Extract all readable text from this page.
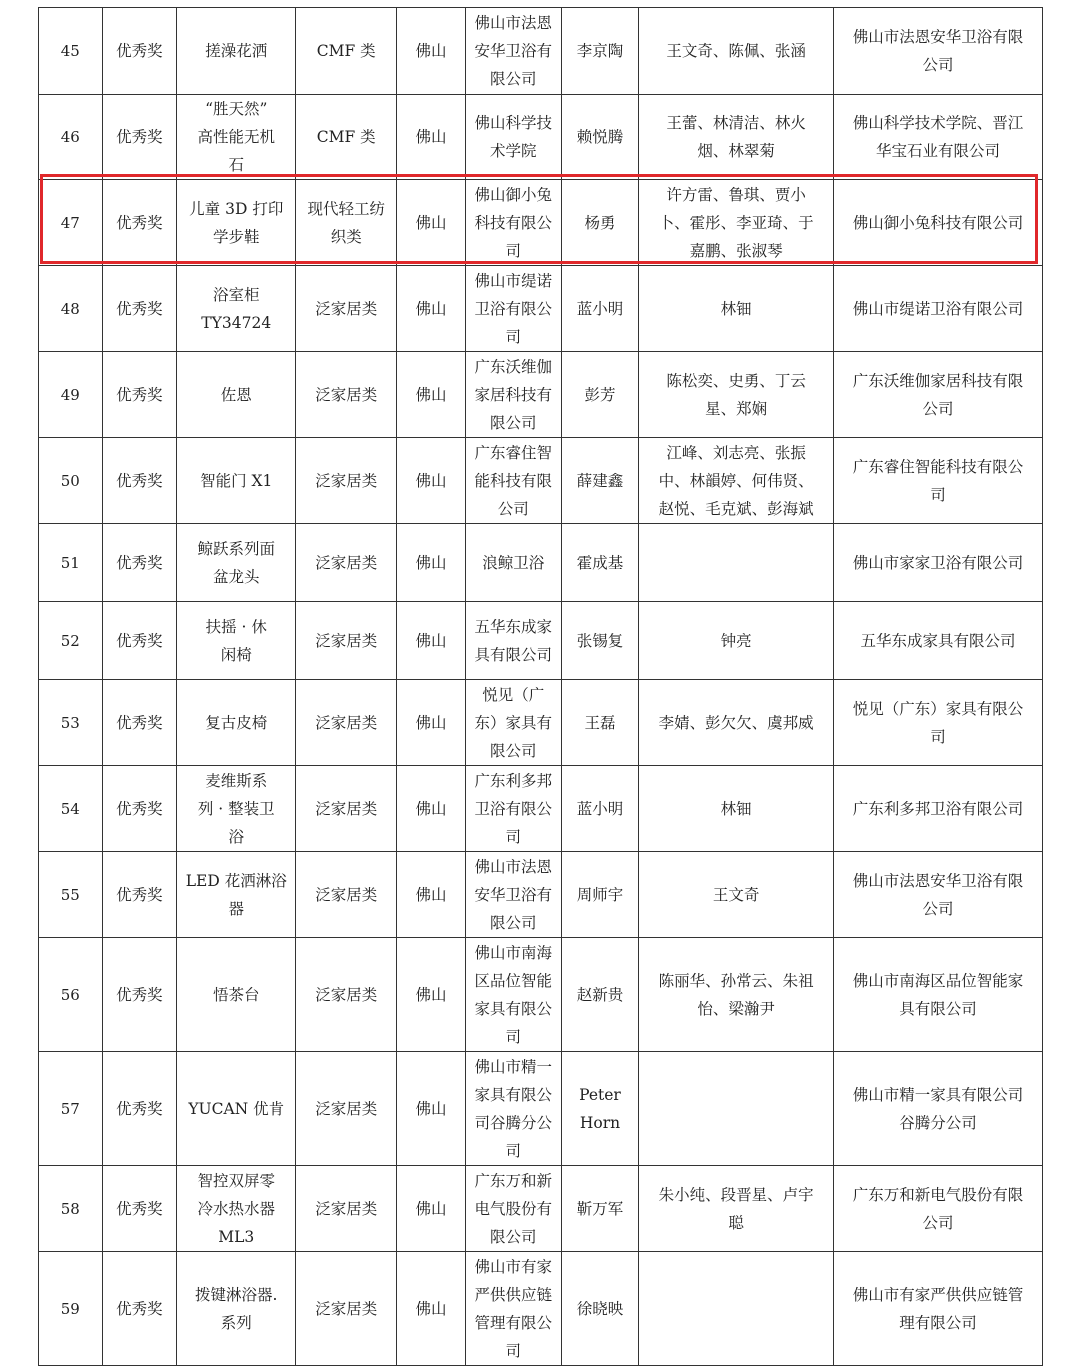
45	优秀奖	搓澡花洒	CMF 类	佛山	佛山市法恩
安华卫浴有
限公司	李京陶	王文奇、陈佩、张涵	佛山市法恩安华卫浴有限
公司
46	优秀奖	“胜天然”
高性能无机
石	CMF 类	佛山	佛山科学技
术学院	赖悦腾	王蕾、林清洁、林火
烟、林翠菊	佛山科学技术学院、晋江
华宝石业有限公司
47	优秀奖	儿童 3D 打印
学步鞋	现代轻工纺
织类	佛山	佛山御小兔
科技有限公
司	杨勇	许方雷、鲁琪、贾小
卜、霍彤、李亚琦、于
嘉鹏、张淑琴	佛山御小兔科技有限公司
48	优秀奖	浴室柜
TY34724	泛家居类	佛山	佛山市缇诺
卫浴有限公
司	蓝小明	林钿	佛山市缇诺卫浴有限公司
49	优秀奖	佐恩	泛家居类	佛山	广东沃维伽
家居科技有
限公司	彭芳	陈松奕、史勇、丁云
星、郑娴	广东沃维伽家居科技有限
公司
50	优秀奖	智能门 X1	泛家居类	佛山	广东睿住智
能科技有限
公司	薛建鑫	江峰、刘志亮、张振
中、林韻婷、何伟贤、
赵悦、毛克斌、彭海斌	广东睿住智能科技有限公
司
51	优秀奖	鲸跃系列面
盆龙头	泛家居类	佛山	浪鲸卫浴	霍成基		佛山市家家卫浴有限公司
52	优秀奖	扶摇 · 休
闲椅	泛家居类	佛山	五华东成家
具有限公司	张锡复	钟亮	五华东成家具有限公司
53	优秀奖	复古皮椅	泛家居类	佛山	悦见（广
东）家具有
限公司	王磊	李婧、彭欠欠、虞邦威	悦见（广东）家具有限公
司
54	优秀奖	麦维斯系
列 · 整装卫
浴	泛家居类	佛山	广东利多邦
卫浴有限公
司	蓝小明	林钿	广东利多邦卫浴有限公司
55	优秀奖	LED 花洒淋浴
器	泛家居类	佛山	佛山市法恩
安华卫浴有
限公司	周师宇	王文奇	佛山市法恩安华卫浴有限
公司
56	优秀奖	悟茶台	泛家居类	佛山	佛山市南海
区品位智能
家具有限公
司	赵新贵	陈丽华、孙常云、朱祖
怡、梁瀚尹	佛山市南海区品位智能家
具有限公司
57	优秀奖	YUCAN 优肯	泛家居类	佛山	佛山市精一
家具有限公
司谷腾分公
司	Peter
Horn		佛山市精一家具有限公司
谷腾分公司
58	优秀奖	智控双屏零
冷水热水器
ML3	泛家居类	佛山	广东万和新
电气股份有
限公司	靳万军	朱小纯、段晋星、卢宇
聪	广东万和新电气股份有限
公司
59	优秀奖	拨键淋浴器.
系列	泛家居类	佛山	佛山市有家
严供供应链
管理有限公
司	徐晓映		佛山市有家严供供应链管
理有限公司
